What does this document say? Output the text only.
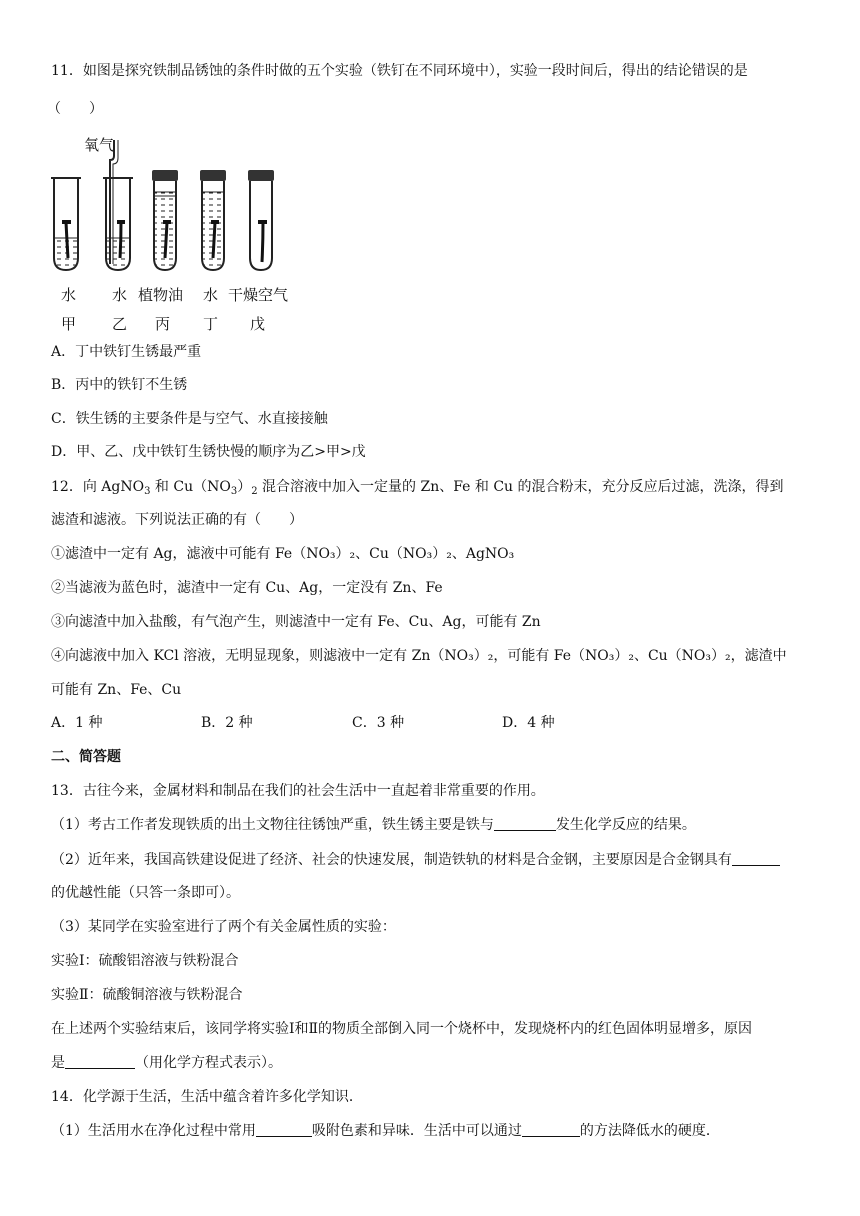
11．如图是探究铁制品锈蚀的条件时做的五个实验（铁钉在不同环境中），实验一段时间后，得出的结论错误的是
（　　）
氧气
水 水 植物油 水 干燥空气
甲 乙 丙 丁 戊
A．丁中铁钉生锈最严重
B．丙中的铁钉不生锈
C．铁生锈的主要条件是与空气、水直接接触
D．甲、乙、戊中铁钉生锈快慢的顺序为乙>甲>戊
12．向 AgNO$_3$ 和 $Cu(NO_3)_2$ 混合溶液中加入一定量的 Zn、Fe 和 Cu 的混合粉末，充分反应后过滤，洗涤，得到
滤渣和滤液。下列说法正确的有（　　）
①滤渣中一定有 Ag，滤液中可能有 Fe（NO₃）₂、Cu（NO₃）₂、AgNO₃
②当滤液为蓝色时，滤渣中一定有 Cu、Ag，一定没有 Zn、Fe
③向滤渣中加入盐酸，有气泡产生，则滤渣中一定有 Fe、Cu、Ag，可能有 Zn
④向滤液中加入 KCl 溶液，无明显现象，则滤液中一定有 Zn（NO₃）₂，可能有 Fe（NO₃）₂、Cu（NO₃）₂，滤渣中
可能有 Zn、Fe、Cu
A．1 种	B．2 种	C．3 种	D．4 种
二、简答题
13．古往今来，金属材料和制品在我们的社会生活中一直起着非常重要的作用。
（1）考古工作者发现铁质的出土文物往往锈蚀严重，铁生锈主要是铁与	发生化学反应的结果。
（2）近年来，我国高铁建设促进了经济、社会的快速发展，制造铁轨的材料是合金钢，主要原因是合金钢具有
的优越性能（只答一条即可）。
（3）某同学在实验室进行了两个有关金属性质的实验：
实验Ⅰ：硫酸铝溶液与铁粉混合
实验Ⅱ：硫酸铜溶液与铁粉混合
在上述两个实验结束后，该同学将实验Ⅰ和Ⅱ的物质全部倒入同一个烧杯中，发现烧杯内的红色固体明显增多，原因
是	（用化学方程式表示）。
14．化学源于生活，生活中蕴含着许多化学知识．
（1）生活用水在净化过程中常用	吸附色素和异味．生活中可以通过	的方法降低水的硬度．
